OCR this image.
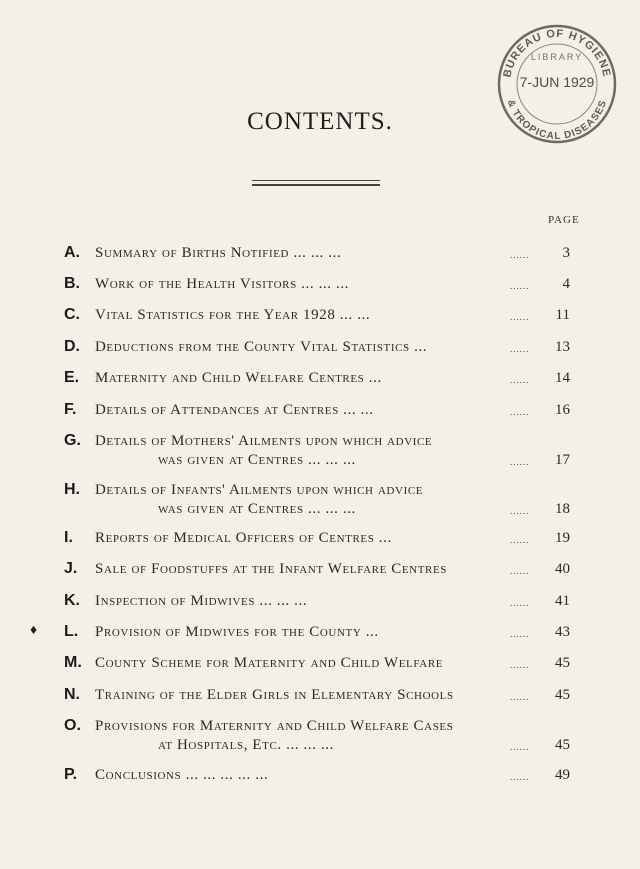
BUREAU OF HYGIENE
LIBRARY
7-JUN 1929
& TROPICAL DISEASES
CONTENTS.
PAGE
A. Summary of Births Notified ... ... ...	......	3
B. Work of the Health Visitors ... ... ...	......	4
C. Vital Statistics for the Year 1928 ... ...	......	11
D. Deductions from the County Vital Statistics ...	......	13
E. Maternity and Child Welfare Centres ...	......	14
F. Details of Attendances at Centres ... ...	......	16
G. Details of Mothers' Ailments upon which advice
was given at Centres ... ... ...	......	17
H. Details of Infants' Ailments upon which advice
was given at Centres ... ... ...	......	18
I. Reports of Medical Officers of Centres ...	......	19
J. Sale of Foodstuffs at the Infant Welfare Centres	......	40
K. Inspection of Midwives ... ... ...	......	41
L. Provision of Midwives for the County ...	......	43
M. County Scheme for Maternity and Child Welfare	......	45
N. Training of the Elder Girls in Elementary Schools	......	45
O. Provisions for Maternity and Child Welfare Cases
at Hospitals, Etc. ... ... ...	......	45
P. Conclusions ... ... ... ... ...	......	49
♦
